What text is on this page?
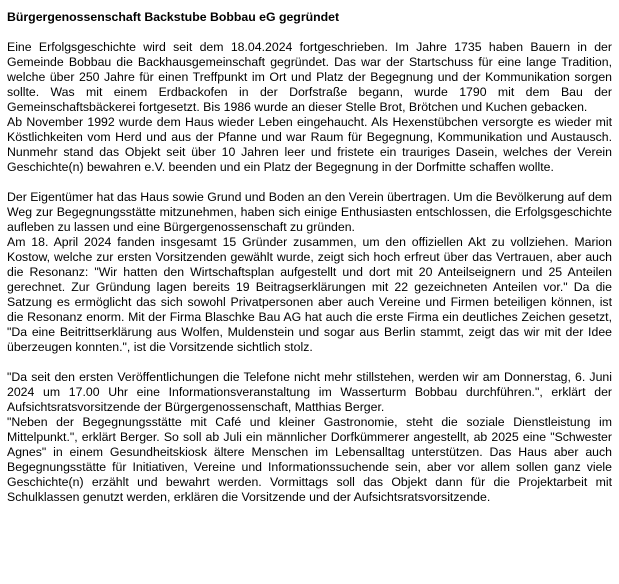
Bürgergenossenschaft Backstube Bobbau eG gegründet

Eine Erfolgsgeschichte wird seit dem 18.04.2024 fortgeschrieben. Im Jahre 1735 haben Bauern in der Gemeinde Bobbau die Backhausgemeinschaft gegründet. Das war der Startschuss für eine lange Tradition, welche über 250 Jahre für einen Treffpunkt im Ort und Platz der Begegnung und der Kommunikation sorgen sollte. Was mit einem Erdbackofen in der Dorfstraße begann, wurde 1790 mit dem Bau der Gemeinschaftsbäckerei fortgesetzt. Bis 1986 wurde an dieser Stelle Brot, Brötchen und Kuchen gebacken.

Ab November 1992 wurde dem Haus wieder Leben eingehaucht. Als Hexenstübchen versorgte es wieder mit Köstlichkeiten vom Herd und aus der Pfanne und war Raum für Begegnung, Kommunikation und Austausch. Nunmehr stand das Objekt seit über 10 Jahren leer und fristete ein trauriges Dasein, welches der Verein Geschichte(n) bewahren e.V. beenden und ein Platz der Begegnung in der Dorfmitte schaffen wollte.

Der Eigentümer hat das Haus sowie Grund und Boden an den Verein übertragen. Um die Bevölkerung auf dem Weg zur Begegnungsstätte mitzunehmen, haben sich einige Enthusiasten entschlossen, die Erfolgsgeschichte aufleben zu lassen und eine Bürgergenossenschaft zu gründen.

Am 18. April 2024 fanden insgesamt 15 Gründer zusammen, um den offiziellen Akt zu vollziehen. Marion Kostow, welche zur ersten Vorsitzenden gewählt wurde, zeigt sich hoch erfreut über das Vertrauen, aber auch die Resonanz: "Wir hatten den Wirtschaftsplan aufgestellt und dort mit 20 Anteilseignern und 25 Anteilen gerechnet. Zur Gründung lagen bereits 19 Beitragserklärungen mit 22 gezeichneten Anteilen vor." Da die Satzung es ermöglicht das sich sowohl Privatpersonen aber auch Vereine und Firmen beteiligen können, ist die Resonanz enorm. Mit der Firma Blaschke Bau AG hat auch die erste Firma ein deutliches Zeichen gesetzt, "Da eine Beitrittserklärung aus Wolfen, Muldenstein und sogar aus Berlin stammt, zeigt das wir mit der Idee überzeugen konnten.", ist die Vorsitzende sichtlich stolz.

"Da seit den ersten Veröffentlichungen die Telefone nicht mehr stillstehen, werden wir am Donnerstag, 6. Juni 2024 um 17.00 Uhr eine Informationsveranstaltung im Wasserturm Bobbau durchführen.", erklärt der Aufsichtsratsvorsitzende der Bürgergenossenschaft, Matthias Berger.

"Neben der Begegnungsstätte mit Café und kleiner Gastronomie, steht die soziale Dienstleistung im Mittelpunkt.", erklärt Berger. So soll ab Juli ein männlicher Dorfkümmerer angestellt, ab 2025 eine "Schwester Agnes" in einem Gesundheitskiosk ältere Menschen im Lebensalltag unterstützen. Das Haus aber auch Begegnungsstätte für Initiativen, Vereine und Informationssuchende sein, aber vor allem sollen ganz viele Geschichte(n) erzählt und bewahrt werden. Vormittags soll das Objekt dann für die Projektarbeit mit Schulklassen genutzt werden, erklären die Vorsitzende und der Aufsichtsratsvorsitzende.
